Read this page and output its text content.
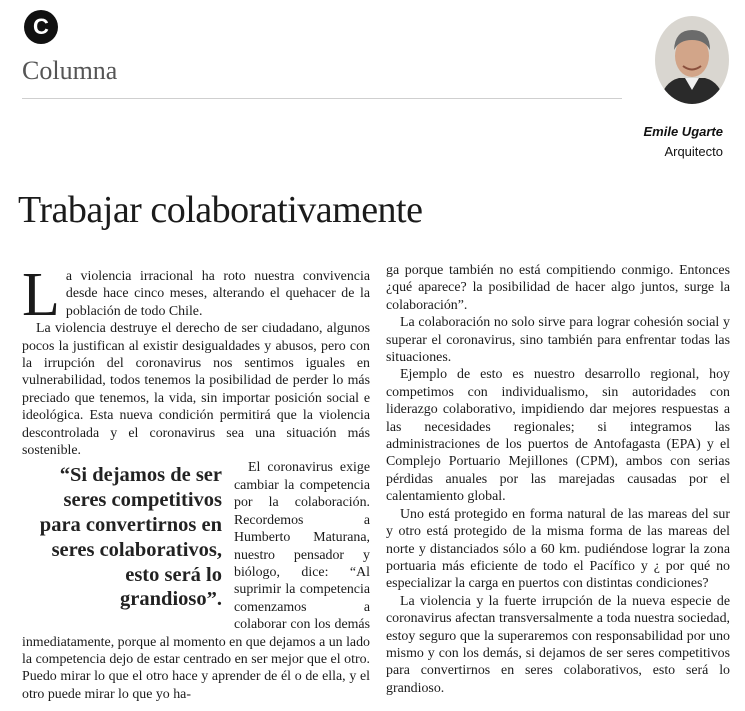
C
Columna
Emile Ugarte
Arquitecto
Trabajar colaborativamente

La violencia irracional ha roto nuestra convivencia desde hace cinco meses, alterando el quehacer de la población de todo Chile.

La violencia destruye el derecho de ser ciudadano, algunos pocos la justifican al existir desigualdades y abusos, pero con la irrupción del coronavirus nos sentimos iguales en vulnerabilidad, todos tenemos la posibilidad de perder lo más preciado que tenemos, la vida, sin importar posición social e ideológica. Esta nueva condición permitirá que la violencia descontrolada y el coronavirus sea una situación más sostenible.

“Si dejamos de ser seres competitivos para convertirnos en seres colaborativos, esto será lo grandioso”.

El coronavirus exige cambiar la competencia por la colaboración. Recordemos a Humberto Maturana, nuestro pensador y biólogo, dice: “Al suprimir la competencia comenzamos a colaborar con los demás inmediatamente, porque al momento en que dejamos a un lado la competencia dejo de estar centrado en ser mejor que el otro. Puedo mirar lo que el otro hace y aprender de él o de ella, y el otro puede mirar lo que yo ha-

ga porque también no está compitiendo conmigo. Entonces ¿qué aparece? la posibilidad de hacer algo juntos, surge la colaboración”.

La colaboración no solo sirve para lograr cohesión social y superar el coronavirus, sino también para enfrentar todas las situaciones.

Ejemplo de esto es nuestro desarrollo regional, hoy competimos con individualismo, sin autoridades con liderazgo colaborativo, impidiendo dar mejores respuestas a las necesidades regionales; si integramos las administraciones de los puertos de Antofagasta (EPA) y el Complejo Portuario Mejillones (CPM), ambos con serias pérdidas anuales por las marejadas causadas por el calentamiento global.

Uno está protegido en forma natural de las mareas del sur y otro está protegido de la misma forma de las mareas del norte y distanciados sólo a 60 km. pudiéndose lograr la zona portuaria más eficiente de todo el Pacífico y ¿ por qué no especializar la carga en puertos con distintas condiciones?

La violencia y la fuerte irrupción de la nueva especie de coronavirus afectan transversalmente a toda nuestra sociedad, estoy seguro que la superaremos con responsabilidad por uno mismo y con los demás, si dejamos de ser seres competitivos para convertirnos en seres colaborativos, esto será lo grandioso.
